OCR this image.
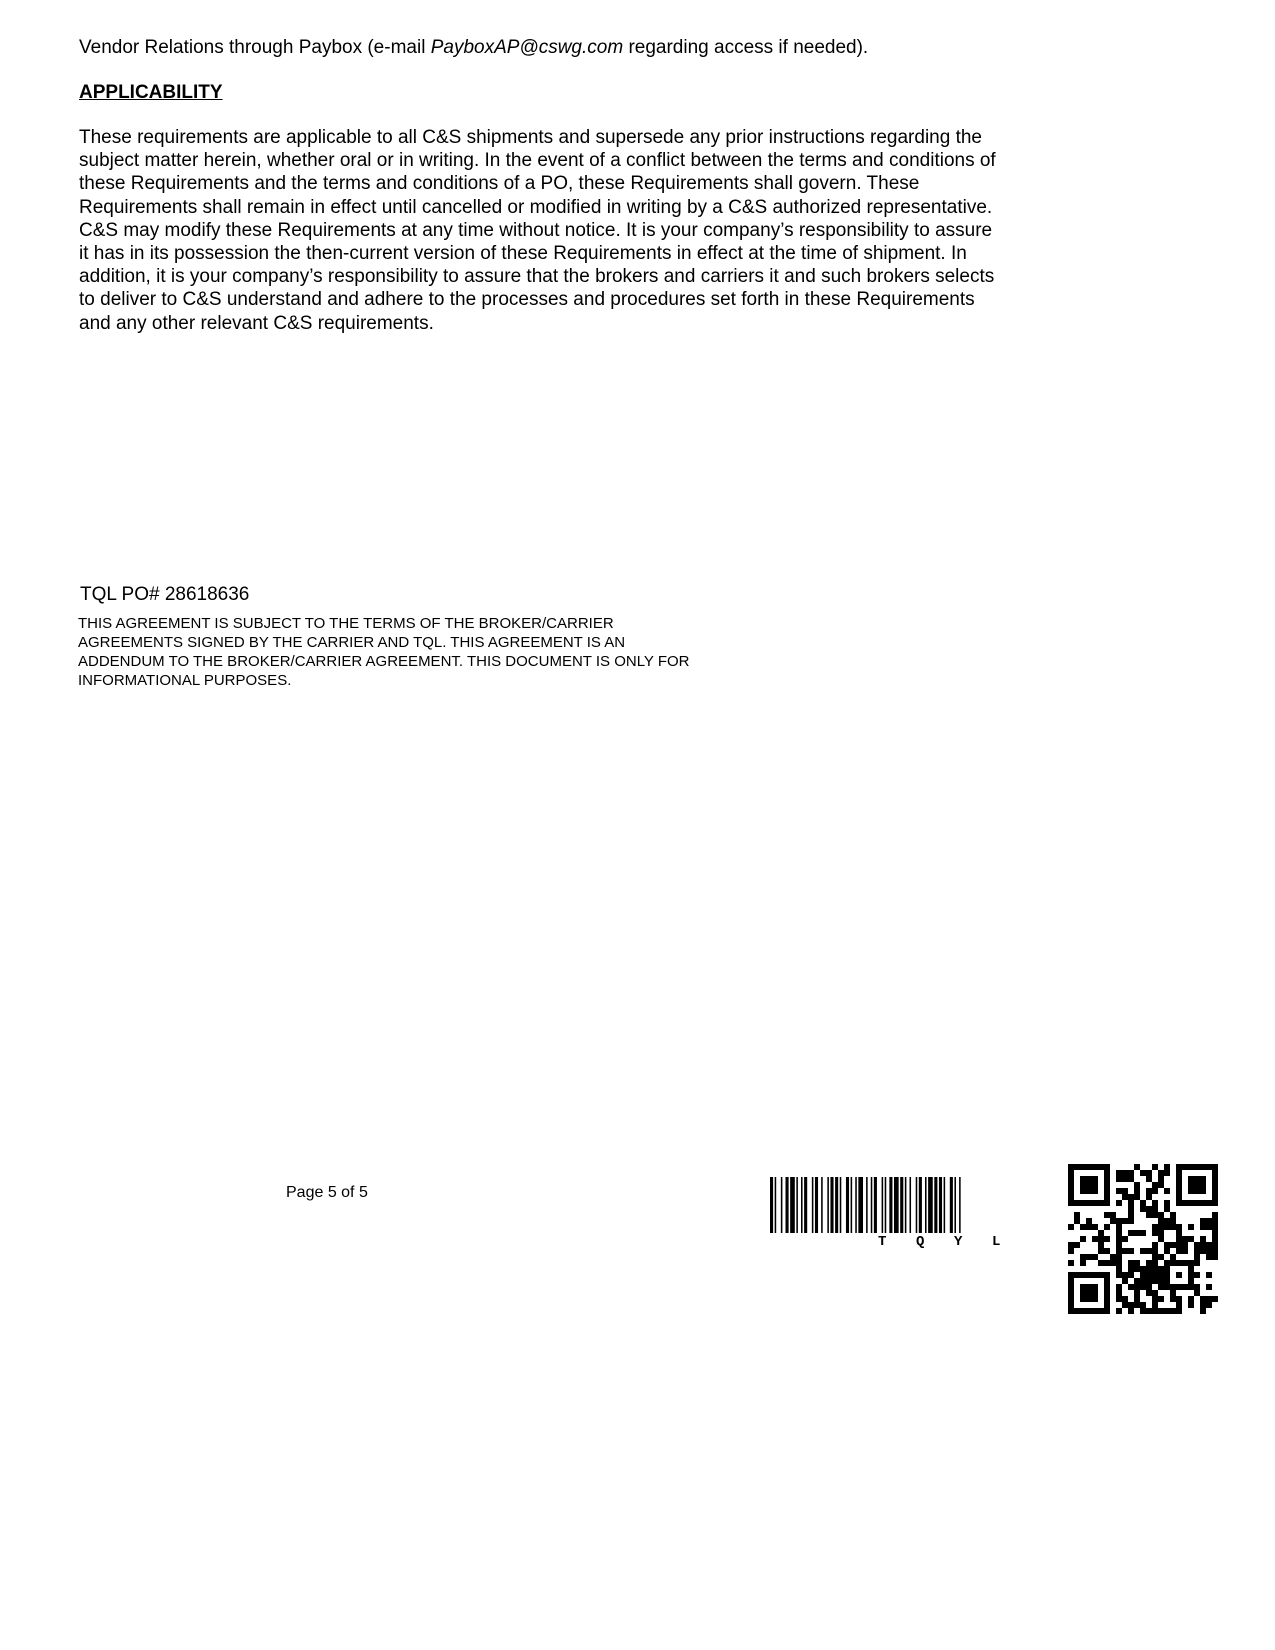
Vendor Relations through Paybox (e-mail PayboxAP@cswg.com regarding access if needed).
APPLICABILITY
These requirements are applicable to all C&S shipments and supersede any prior instructions regarding the
subject matter herein, whether oral or in writing. In the event of a conflict between the terms and conditions of
these Requirements and the terms and conditions of a PO, these Requirements shall govern. These
Requirements shall remain in effect until cancelled or modified in writing by a C&S authorized representative.
C&S may modify these Requirements at any time without notice. It is your company’s responsibility to assure
it has in its possession the then-current version of these Requirements in effect at the time of shipment. In
addition, it is your company’s responsibility to assure that the brokers and carriers it and such brokers selects
to deliver to C&S understand and adhere to the processes and procedures set forth in these Requirements
and any other relevant C&S requirements.
TQL PO# 28618636
THIS AGREEMENT IS SUBJECT TO THE TERMS OF THE BROKER/CARRIER
AGREEMENTS SIGNED BY THE CARRIER AND TQL. THIS AGREEMENT IS AN
ADDENDUM TO THE BROKER/CARRIER AGREEMENT. THIS DOCUMENT IS ONLY FOR
INFORMATIONAL PURPOSES.
Page 5 of 5
T Q Y L
